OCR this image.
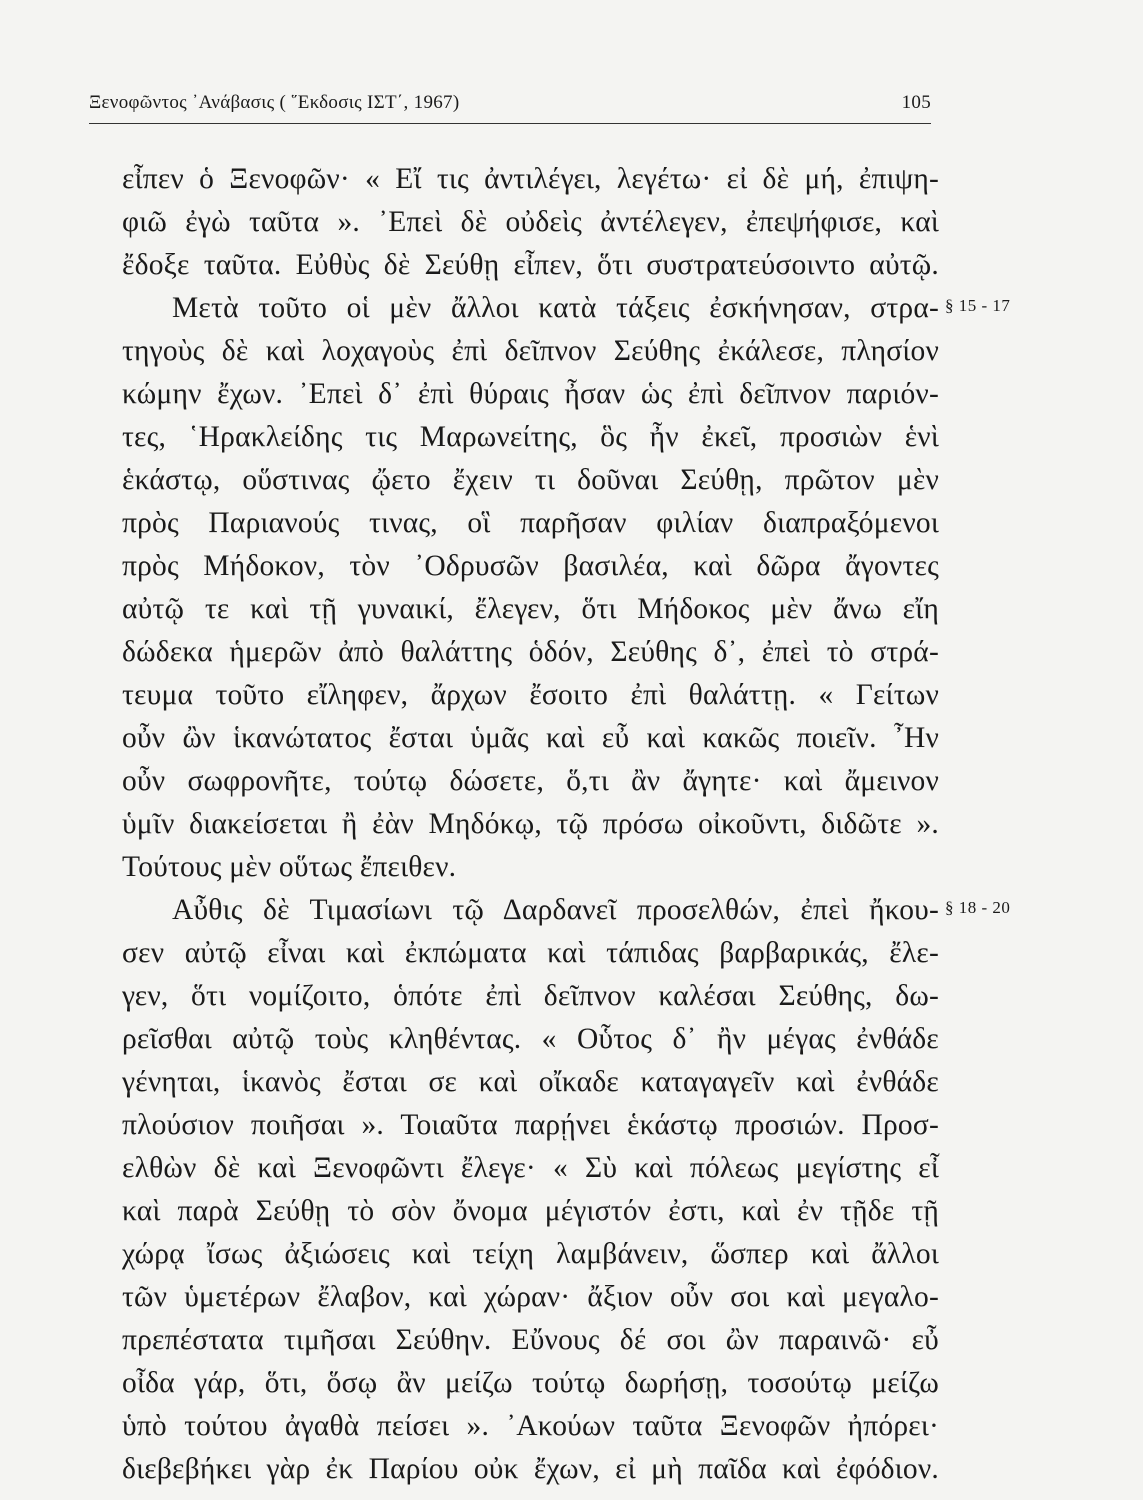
Ξενοφῶντος ᾽Ανάβασις ( ῞Εκδοσις ΙΣΤ΄, 1967)	105
εἶπεν ὁ Ξενοφῶν· « Εἴ τις ἀντιλέγει, λεγέτω· εἰ δὲ μή, ἐπιψη-
φιῶ ἐγὼ ταῦτα ». ᾽Επεὶ δὲ οὐδεὶς ἀντέλεγεν, ἐπεψήφισε, καὶ
ἔδοξε ταῦτα. Εὐθὺς δὲ Σεύθῃ εἶπεν, ὅτι συστρατεύσοιντο αὐτῷ.
Μετὰ τοῦτο οἱ μὲν ἄλλοι κατὰ τάξεις ἐσκήνησαν, στρα-
τηγοὺς δὲ καὶ λοχαγοὺς ἐπὶ δεῖπνον Σεύθης ἐκάλεσε, πλησίον
κώμην ἔχων. ᾽Επεὶ δ᾽ ἐπὶ θύραις ἦσαν ὡς ἐπὶ δεῖπνον παριόν-
τες, ῾Ηρακλείδης τις Μαρωνείτης, ὃς ἦν ἐκεῖ, προσιὼν ἑνὶ
ἑκάστῳ, οὕστινας ᾤετο ἔχειν τι δοῦναι Σεύθῃ, πρῶτον μὲν
πρὸς Παριανούς τινας, οἳ παρῆσαν φιλίαν διαπραξόμενοι
πρὸς Μήδοκον, τὸν ᾽Οδρυσῶν βασιλέα, καὶ δῶρα ἄγοντες
αὐτῷ τε καὶ τῇ γυναικί, ἔλεγεν, ὅτι Μήδοκος μὲν ἄνω εἴη
δώδεκα ἡμερῶν ἀπὸ θαλάττης ὁδόν, Σεύθης δ᾽, ἐπεὶ τὸ στρά-
τευμα τοῦτο εἴληφεν, ἄρχων ἔσοιτο ἐπὶ θαλάττῃ. « Γείτων
οὖν ὢν ἱκανώτατος ἔσται ὑμᾶς καὶ εὖ καὶ κακῶς ποιεῖν. ῏Ην
οὖν σωφρονῆτε, τούτῳ δώσετε, ὅ,τι ἂν ἄγητε· καὶ ἄμεινον
ὑμῖν διακείσεται ἢ ἐὰν Μηδόκῳ, τῷ πρόσω οἰκοῦντι, διδῶτε ».
Τούτους μὲν οὕτως ἔπειθεν.
Αὖθις δὲ Τιμασίωνι τῷ Δαρδανεῖ προσελθών, ἐπεὶ ἤκου-
σεν αὐτῷ εἶναι καὶ ἐκπώματα καὶ τάπιδας βαρβαρικάς, ἔλε-
γεν, ὅτι νομίζοιτο, ὁπότε ἐπὶ δεῖπνον καλέσαι Σεύθης, δω-
ρεῖσθαι αὐτῷ τοὺς κληθέντας. « Οὗτος δ᾽ ἢν μέγας ἐνθάδε
γένηται, ἱκανὸς ἔσται σε καὶ οἴκαδε καταγαγεῖν καὶ ἐνθάδε
πλούσιον ποιῆσαι ». Τοιαῦτα παρῄνει ἑκάστῳ προσιών. Προσ-
ελθὼν δὲ καὶ Ξενοφῶντι ἔλεγε· « Σὺ καὶ πόλεως μεγίστης εἶ
καὶ παρὰ Σεύθῃ τὸ σὸν ὄνομα μέγιστόν ἐστι, καὶ ἐν τῇδε τῇ
χώρᾳ ἴσως ἀξιώσεις καὶ τείχη λαμβάνειν, ὥσπερ καὶ ἄλλοι
τῶν ὑμετέρων ἔλαβον, καὶ χώραν· ἄξιον οὖν σοι καὶ μεγαλο-
πρεπέστατα τιμῆσαι Σεύθην. Εὔνους δέ σοι ὢν παραινῶ· εὖ
οἶδα γάρ, ὅτι, ὅσῳ ἂν μείζω τούτῳ δωρήσῃ, τοσούτῳ μείζω
ὑπὸ τούτου ἀγαθὰ πείσει ». ᾽Ακούων ταῦτα Ξενοφῶν ἠπόρει·
διεβεβήκει γὰρ ἐκ Παρίου οὐκ ἔχων, εἰ μὴ παῖδα καὶ ἐφόδιον.
§ 15 - 17
§ 18 - 20
